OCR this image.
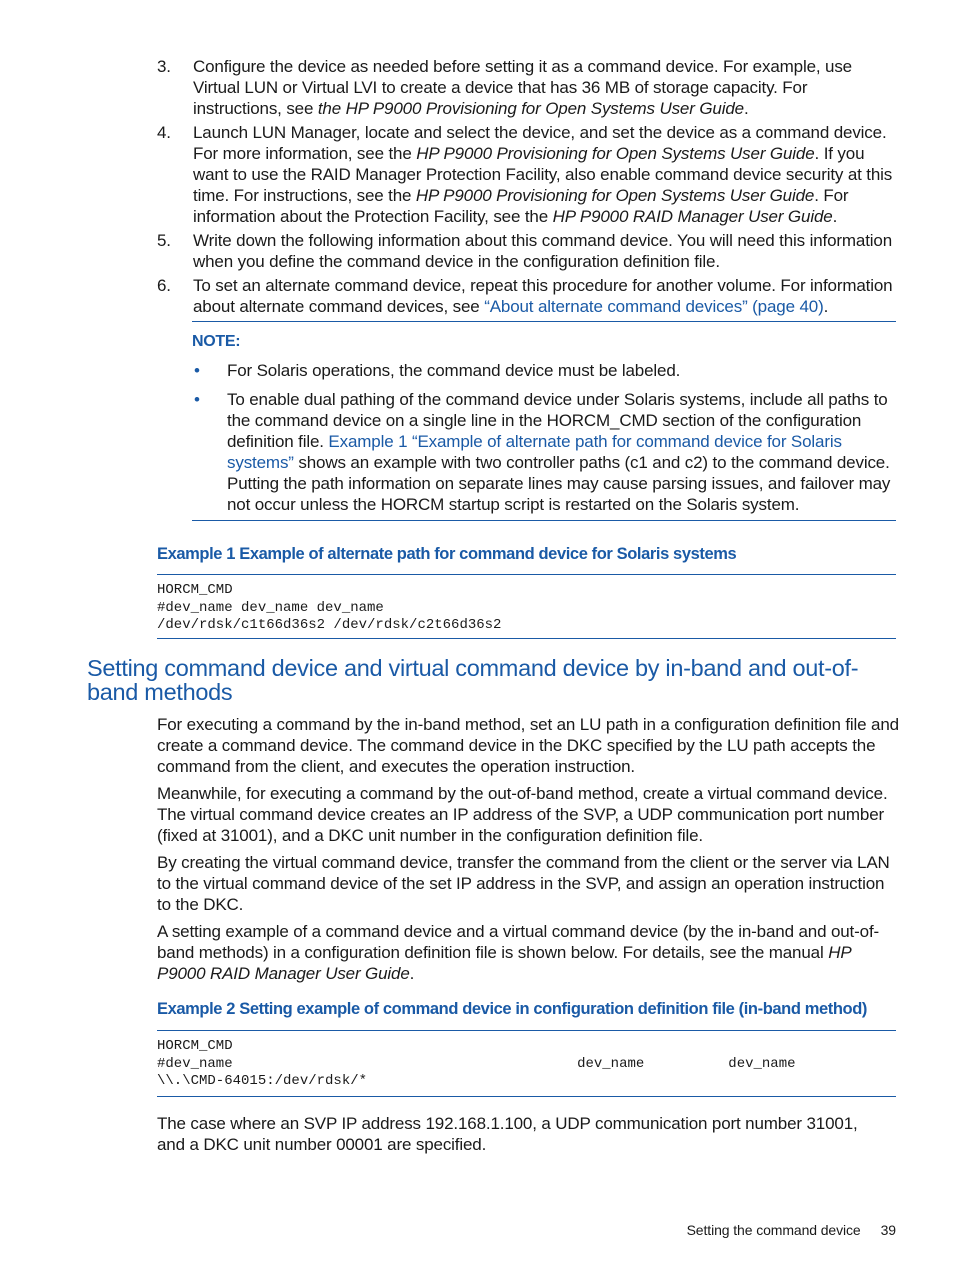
3. Configure the device as needed before setting it as a command device. For example, use Virtual LUN or Virtual LVI to create a device that has 36 MB of storage capacity. For instructions, see the HP P9000 Provisioning for Open Systems User Guide.
4. Launch LUN Manager, locate and select the device, and set the device as a command device. For more information, see the HP P9000 Provisioning for Open Systems User Guide. If you want to use the RAID Manager Protection Facility, also enable command device security at this time. For instructions, see the HP P9000 Provisioning for Open Systems User Guide. For information about the Protection Facility, see the HP P9000 RAID Manager User Guide.
5. Write down the following information about this command device. You will need this information when you define the command device in the configuration definition file.
6. To set an alternate command device, repeat this procedure for another volume. For information about alternate command devices, see “About alternate command devices” (page 40).
NOTE:
• For Solaris operations, the command device must be labeled.
• To enable dual pathing of the command device under Solaris systems, include all paths to the command device on a single line in the HORCM_CMD section of the configuration definition file. Example 1 “Example of alternate path for command device for Solaris systems” shows an example with two controller paths (c1 and c2) to the command device. Putting the path information on separate lines may cause parsing issues, and failover may not occur unless the HORCM startup script is restarted on the Solaris system.
Example 1 Example of alternate path for command device for Solaris systems
HORCM_CMD
#dev_name dev_name dev_name
/dev/rdsk/c1t66d36s2 /dev/rdsk/c2t66d36s2
Setting command device and virtual command device by in-band and out-of-band methods

For executing a command by the in-band method, set an LU path in a configuration definition file and create a command device. The command device in the DKC specified by the LU path accepts the command from the client, and executes the operation instruction.

Meanwhile, for executing a command by the out-of-band method, create a virtual command device. The virtual command device creates an IP address of the SVP, a UDP communication port number (fixed at 31001), and a DKC unit number in the configuration definition file.

By creating the virtual command device, transfer the command from the client or the server via LAN to the virtual command device of the set IP address in the SVP, and assign an operation instruction to the DKC.

A setting example of a command device and a virtual command device (by the in-band and out-of-band methods) in a configuration definition file is shown below. For details, see the manual HP P9000 RAID Manager User Guide.

Example 2 Setting example of command device in configuration definition file (in-band method)
HORCM_CMD
#dev_name                                         dev_name          dev_name
\\.\CMD-64015:/dev/rdsk/*

The case where an SVP IP address 192.168.1.100, a UDP communication port number 31001, and a DKC unit number 00001 are specified.

Setting the command device 39
